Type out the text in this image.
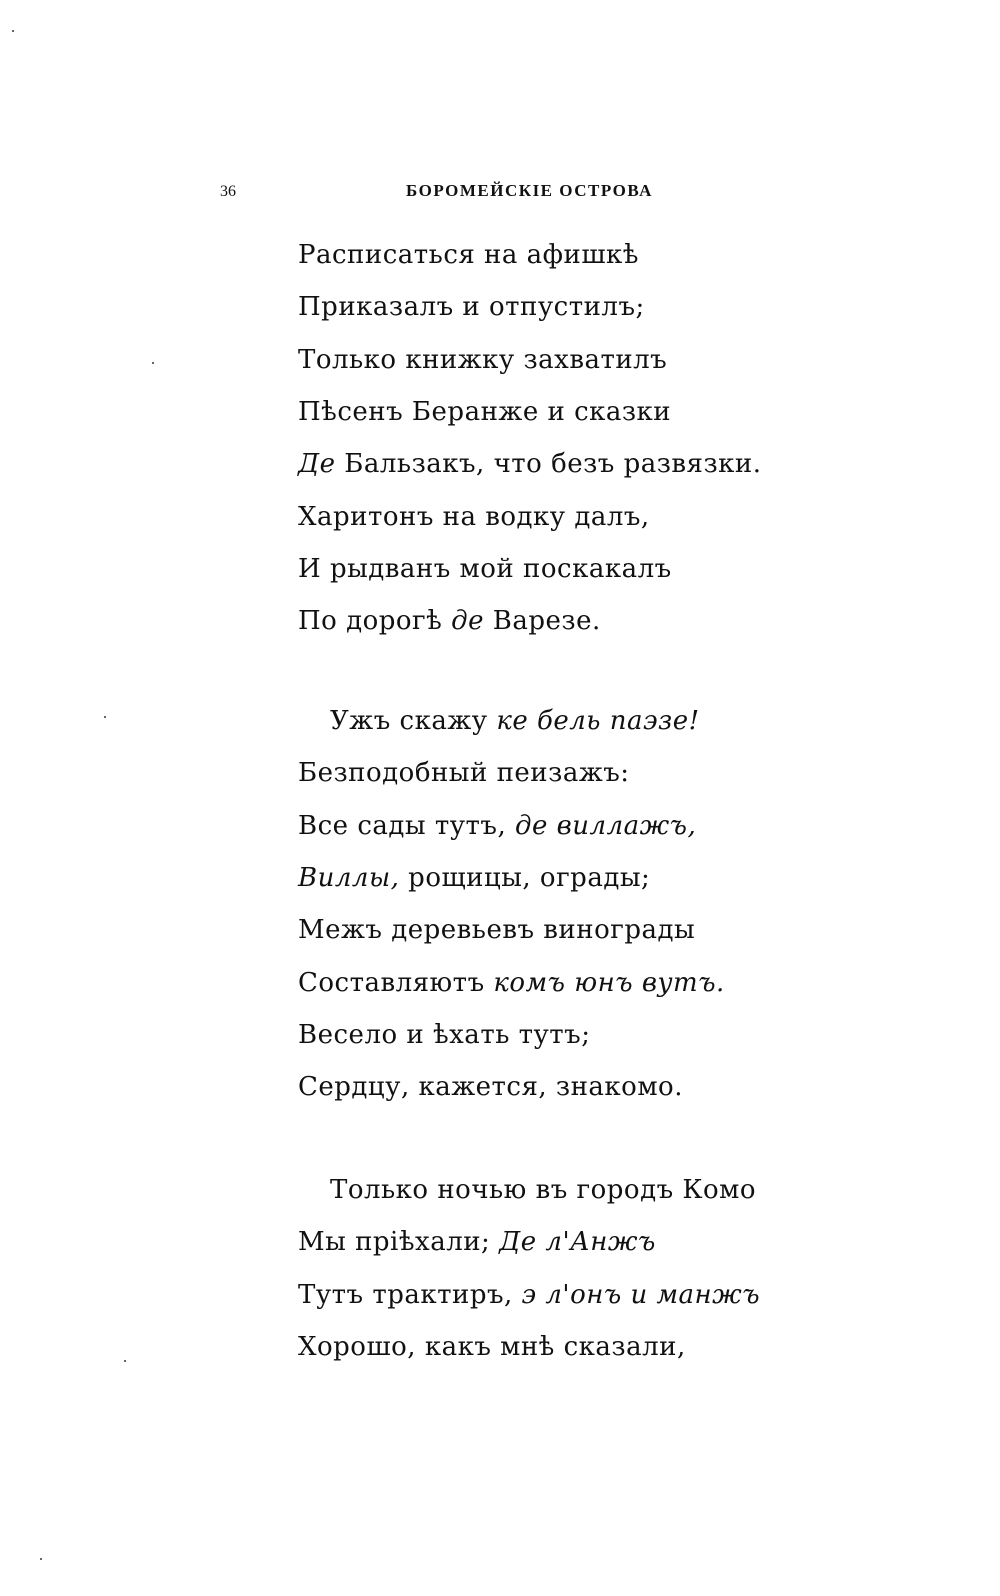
36	БОРОМЕЙСКІЕ ОСТРОВА
Расписаться на афишкѣ
Приказалъ и отпустилъ;
Только книжку захватилъ
Пѣсенъ Беранже и сказки
Де Бальзакъ, что безъ развязки.
Харитонъ на водку далъ,
И рыдванъ мой поскакалъ
По дорогѣ де Варезе.
Ужъ скажу ке бель паэзе!
Безподобный пеизажъ:
Все сады тутъ, де виллажъ,
Виллы, рощицы, ограды;
Межъ деревьевъ винограды
Составляютъ комъ юнъ вутъ.
Весело и ѣхать тутъ;
Сердцу, кажется, знакомо.
Только ночью въ городъ Комо
Мы пріѣхали; Де л'Анжъ
Тутъ трактиръ, э л'онъ и манжъ
Хорошо, какъ мнѣ сказали,
